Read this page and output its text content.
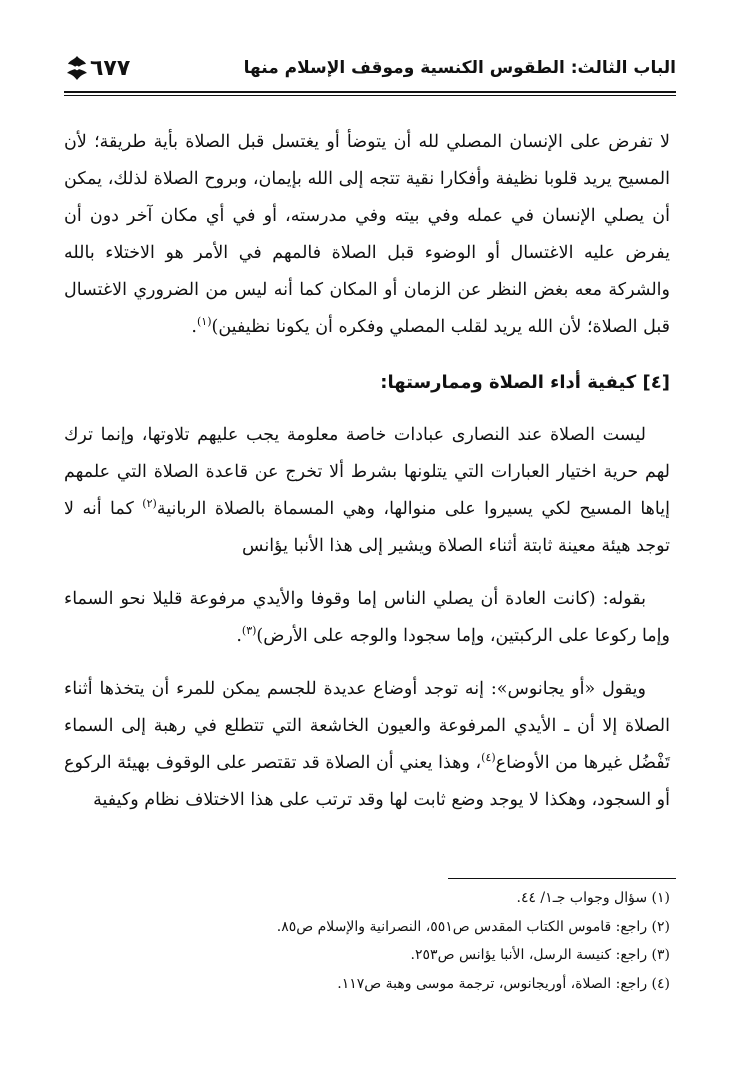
الباب الثالث: الطقوس الكنسية وموقف الإسلام منها
٦٧٧

لا تفرض على الإنسان المصلي لله أن يتوضأ أو يغتسل قبل الصلاة بأية طريقة؛ لأن المسيح يريد قلوبا نظيفة وأفكارا نقية تتجه إلى الله بإيمان، وبروح الصلاة لذلك، يمكن أن يصلي الإنسان في عمله وفي بيته وفي مدرسته، أو في أي مكان آخر دون أن يفرض عليه الاغتسال أو الوضوء قبل الصلاة فالمهم في الأمر هو الاختلاء بالله والشركة معه بغض النظر عن الزمان أو المكان كما أنه ليس من الضروري الاغتسال قبل الصلاة؛ لأن الله يريد لقلب المصلي وفكره أن يكونا نظيفين)$^{(١)}$.

[٤] كيفية أداء الصلاة وممارستها:

ليست الصلاة عند النصارى عبادات خاصة معلومة يجب عليهم تلاوتها، وإنما ترك لهم حرية اختيار العبارات التي يتلونها بشرط ألا تخرج عن قاعدة الصلاة التي علمهم إياها المسيح لكي يسيروا على منوالها، وهي المسماة بالصلاة الربانية$^{(٢)}$ كما أنه لا توجد هيئة معينة ثابتة أثناء الصلاة ويشير إلى هذا الأنبا يؤانس

بقوله: (كانت العادة أن يصلي الناس إما وقوفا والأيدي مرفوعة قليلا نحو السماء وإما ركوعا على الركبتين، وإما سجودا والوجه على الأرض)$^{(٣)}$.

ويقول «أو يجانوس»: إنه توجد أوضاع عديدة للجسم يمكن للمرء أن يتخذها أثناء الصلاة إلا أن ـ الأيدي المرفوعة والعيون الخاشعة التي تتطلع في رهبة إلى السماء تَفْضُل غيرها من الأوضاع$^{(٤)}$، وهذا يعني أن الصلاة قد تقتصر على الوقوف بهيئة الركوع أو السجود، وهكذا لا يوجد وضع ثابت لها وقد ترتب على هذا الاختلاف نظام وكيفية

(١) سؤال وجواب جـ١/ ٤٤.

(٢) راجع: قاموس الكتاب المقدس ص٥٥١، النصرانية والإسلام ص٨٥.

(٣) راجع: كنيسة الرسل، الأنبا يؤانس ص٢٥٣.

(٤) راجع: الصلاة، أوريجانوس، ترجمة موسى وهبة ص١١٧.
